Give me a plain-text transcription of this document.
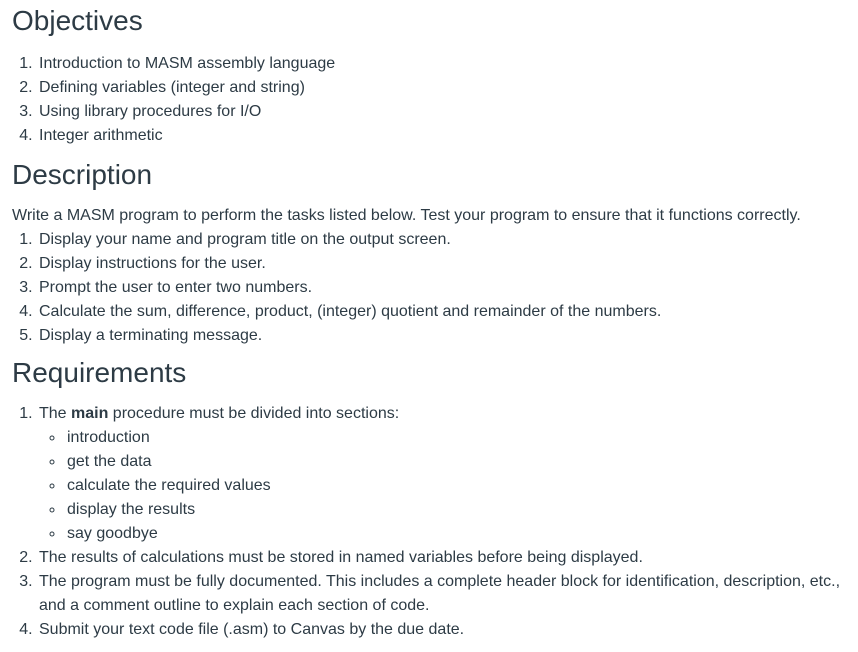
Objectives
1. Introduction to MASM assembly language
2. Defining variables (integer and string)
3. Using library procedures for I/O
4. Integer arithmetic
Description

Write a MASM program to perform the tasks listed below. Test your program to ensure that it functions correctly.

1. Display your name and program title on the output screen.
2. Display instructions for the user.
3. Prompt the user to enter two numbers.
4. Calculate the sum, difference, product, (integer) quotient and remainder of the numbers.
5. Display a terminating message.
Requirements
1. The main procedure must be divided into sections:
◦ introduction
◦ get the data
◦ calculate the required values
◦ display the results
◦ say goodbye
2. The results of calculations must be stored in named variables before being displayed.
3. The program must be fully documented. This includes a complete header block for identification, description, etc., and a comment outline to explain each section of code.
4. Submit your text code file (.asm) to Canvas by the due date.
